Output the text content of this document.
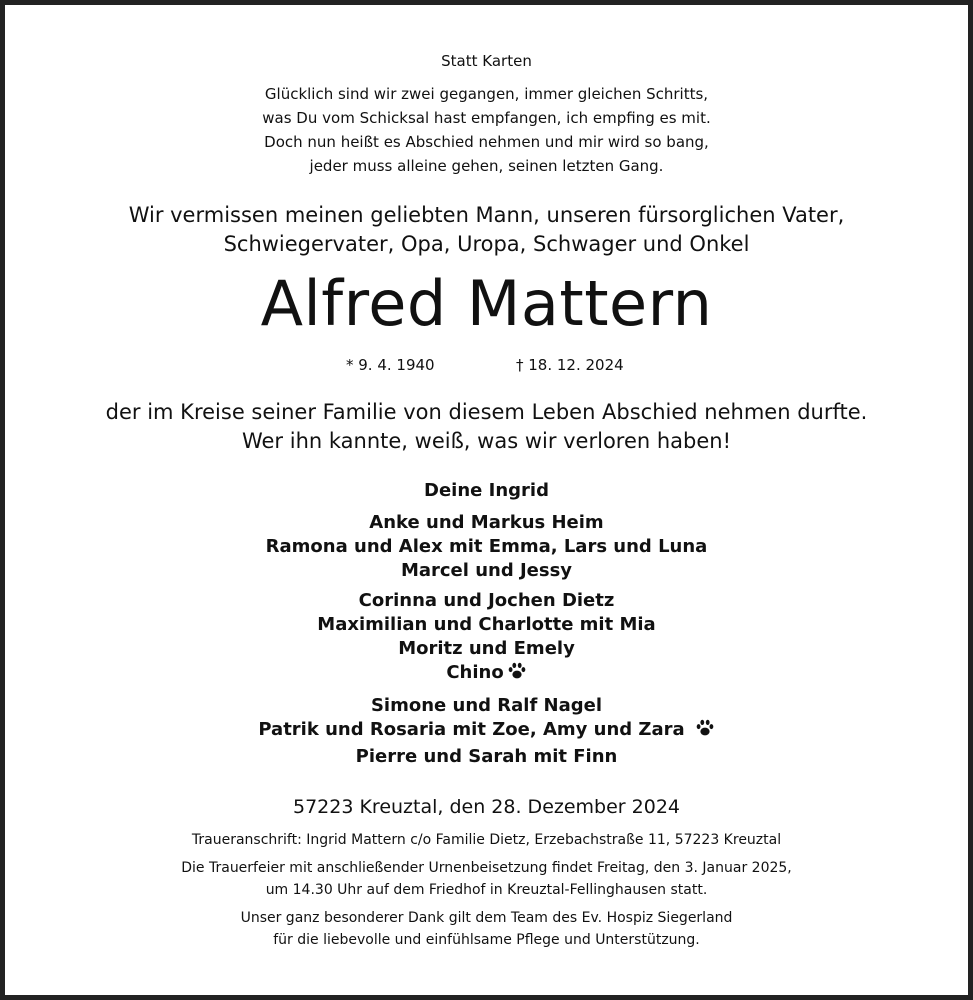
Statt Karten
Glücklich sind wir zwei gegangen, immer gleichen Schritts,
was Du vom Schicksal hast empfangen, ich empfing es mit.
Doch nun heißt es Abschied nehmen und mir wird so bang,
jeder muss alleine gehen, seinen letzten Gang.
Wir vermissen meinen geliebten Mann, unseren fürsorglichen Vater,
Schwiegervater, Opa, Uropa, Schwager und Onkel
Alfred Mattern
* 9. 4. 1940	† 18. 12. 2024
der im Kreise seiner Familie von diesem Leben Abschied nehmen durfte.
Wer ihn kannte, weiß, was wir verloren haben!
Deine Ingrid
Anke und Markus Heim
Ramona und Alex mit Emma, Lars und Luna
Marcel und Jessy
Corinna und Jochen Dietz
Maximilian und Charlotte mit Mia
Moritz und Emely
Chino
Simone und Ralf Nagel
Patrik und Rosaria mit Zoe, Amy und Zara
Pierre und Sarah mit Finn
57223 Kreuztal, den 28. Dezember 2024
Traueranschrift: Ingrid Mattern c/o Familie Dietz, Erzebachstraße 11, 57223 Kreuztal
Die Trauerfeier mit anschließender Urnenbeisetzung findet Freitag, den 3. Januar 2025,
um 14.30 Uhr auf dem Friedhof in Kreuztal-Fellinghausen statt.
Unser ganz besonderer Dank gilt dem Team des Ev. Hospiz Siegerland
für die liebevolle und einfühlsame Pflege und Unterstützung.
